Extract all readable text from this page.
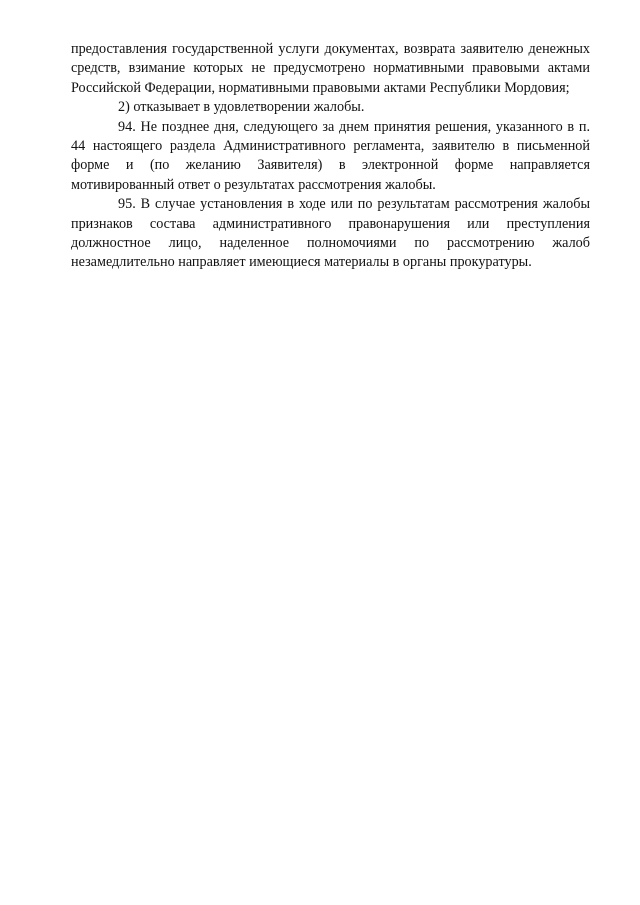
предоставления государственной услуги документах, возврата заявителю денежных средств, взимание которых не предусмотрено нормативными правовыми актами Российской Федерации, нормативными правовыми актами Республики Мордовия;

2) отказывает в удовлетворении жалобы.

94. Не позднее дня, следующего за днем принятия решения, указанного в п. 44 настоящего раздела Административного регламента, заявителю в письменной форме и (по желанию Заявителя) в электронной форме направляется мотивированный ответ о результатах рассмотрения жалобы.

95. В случае установления в ходе или по результатам рассмотрения жалобы признаков состава административного правонарушения или преступления должностное лицо, наделенное полномочиями по рассмотрению жалоб незамедлительно направляет имеющиеся материалы в органы прокуратуры.
